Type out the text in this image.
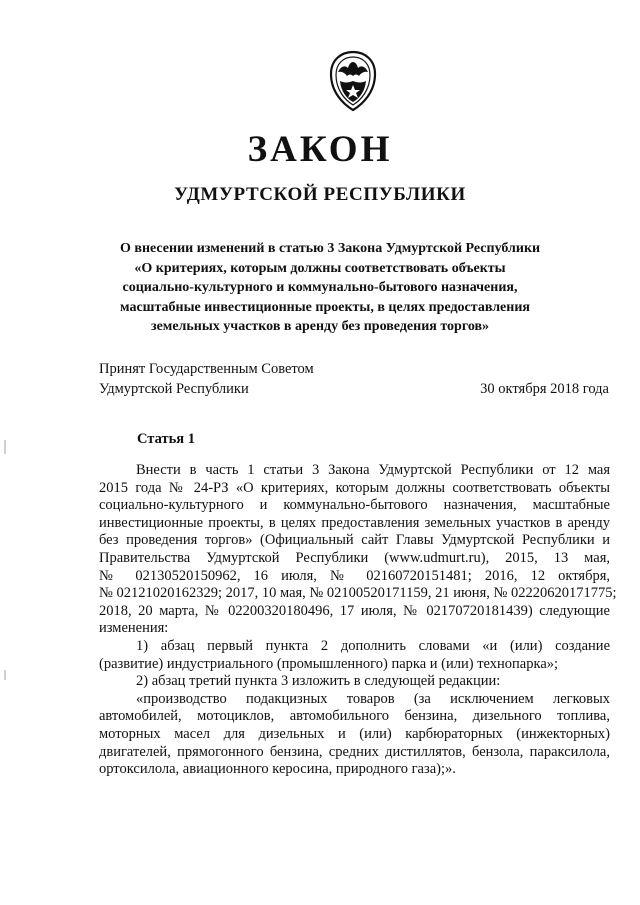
ЗАКОН
УДМУРТСКОЙ РЕСПУБЛИКИ
О внесении изменений в статью 3 Закона Удмуртской Республики
«О критериях, которым должны соответствовать объекты
социально-культурного и коммунально-бытового назначения,
масштабные инвестиционные проекты, в целях предоставления
земельных участков в аренду без проведения торгов»
Принят Государственным Советом
Удмуртской Республики	30 октября 2018 года
Статья 1
Внести в часть 1 статьи 3 Закона Удмуртской Республики от 12 мая
2015 года № 24-РЗ «О критериях, которым должны соответствовать объекты
социально-культурного и коммунально-бытового назначения, масштабные
инвестиционные проекты, в целях предоставления земельных участков в аренду
без проведения торгов» (Официальный сайт Главы Удмуртской Республики и
Правительства Удмуртской Республики (www.udmurt.ru), 2015, 13 мая,
№ 02130520150962, 16 июля, № 02160720151481; 2016, 12 октября,
№ 02121020162329; 2017, 10 мая, № 02100520171159, 21 июня, № 02220620171775;
2018, 20 марта, № 02200320180496, 17 июля, № 02170720181439) следующие
изменения:
1) абзац первый пункта 2 дополнить словами «и (или) создание
(развитие) индустриального (промышленного) парка и (или) технопарка»;
2) абзац третий пункта 3 изложить в следующей редакции:
«производство подакцизных товаров (за исключением легковых
автомобилей, мотоциклов, автомобильного бензина, дизельного топлива,
моторных масел для дизельных и (или) карбюраторных (инжекторных)
двигателей, прямогонного бензина, средних дистиллятов, бензола, параксилола,
ортоксилола, авиационного керосина, природного газа);».
